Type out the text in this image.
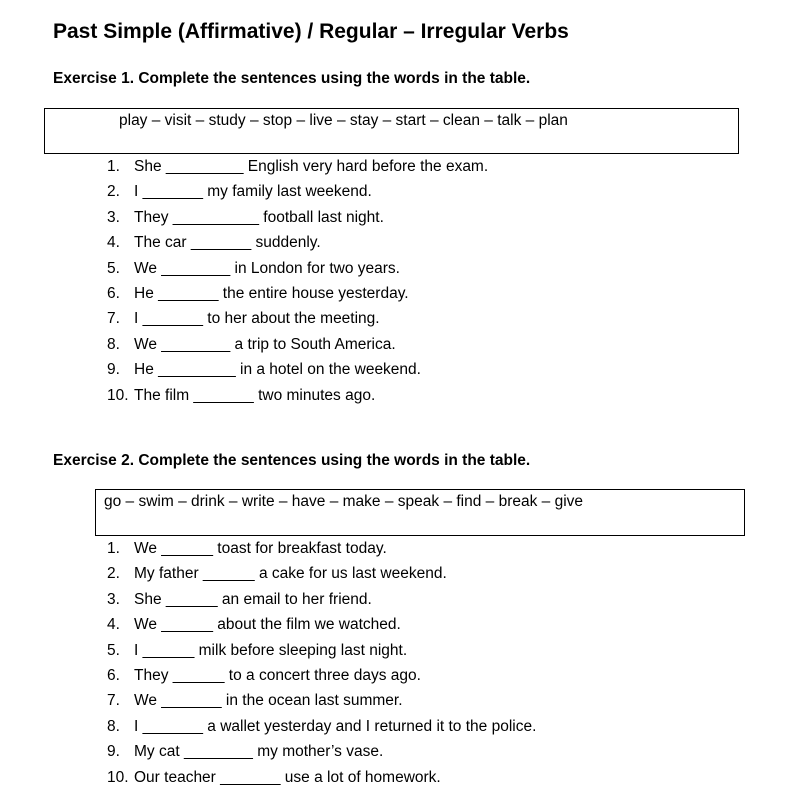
Past Simple (Affirmative) / Regular – Irregular Verbs
Exercise 1. Complete the sentences using the words in the table.
play – visit – study – stop – live – stay – start – clean – talk – plan
1. She _________ English very hard before the exam.
2. I _______ my family last weekend.
3. They __________ football last night.
4. The car _______ suddenly.
5. We ________ in London for two years.
6. He _______ the entire house yesterday.
7. I _______ to her about the meeting.
8. We ________ a trip to South America.
9. He _________ in a hotel on the weekend.
10. The film _______ two minutes ago.
Exercise 2. Complete the sentences using the words in the table.
go – swim – drink – write – have – make – speak – find – break – give
1. We ______ toast for breakfast today.
2. My father ______ a cake for us last weekend.
3. She ______ an email to her friend.
4. We ______ about the film we watched.
5. I ______ milk before sleeping last night.
6. They ______ to a concert three days ago.
7. We _______ in the ocean last summer.
8. I _______ a wallet yesterday and I returned it to the police.
9. My cat ________ my mother’s vase.
10. Our teacher _______ use a lot of homework.
